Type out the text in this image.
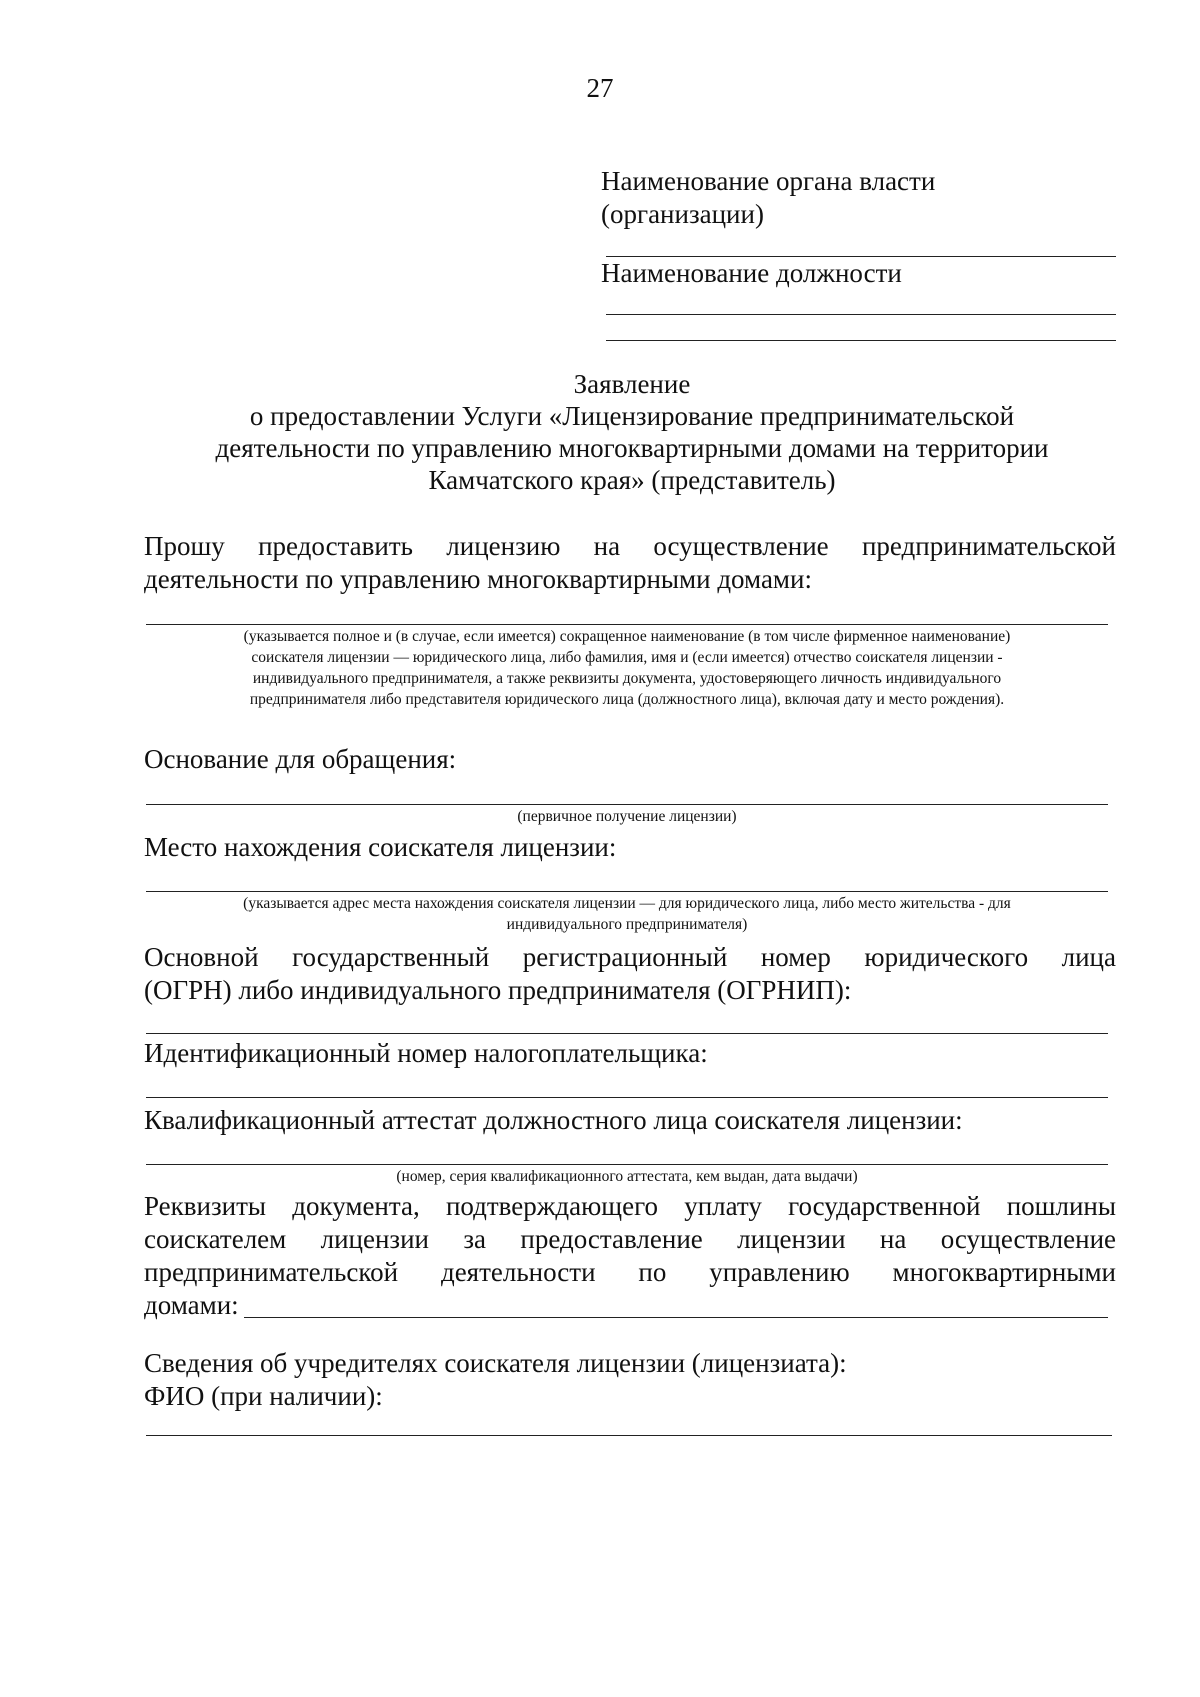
27
Наименование органа власти
(организации)
Наименование должности
Заявление
о предоставлении Услуги «Лицензирование предпринимательской
деятельности по управлению многоквартирными домами на территории
Камчатского края» (представитель)
Прошу предоставить лицензию на осуществление предпринимательской
деятельности по управлению многоквартирными домами:
(указывается полное и (в случае, если имеется) сокращенное наименование (в том числе фирменное наименование)
соискателя лицензии — юридического лица, либо фамилия, имя и (если имеется) отчество соискателя лицензии -
индивидуального предпринимателя, а также реквизиты документа, удостоверяющего личность индивидуального
предпринимателя либо представителя юридического лица (должностного лица), включая дату и место рождения).
Основание для обращения:
(первичное получение лицензии)
Место нахождения соискателя лицензии:
(указывается адрес места нахождения соискателя лицензии — для юридического лица, либо место жительства - для
индивидуального предпринимателя)
Основной государственный регистрационный номер юридического лица
(ОГРН) либо индивидуального предпринимателя (ОГРНИП):
Идентификационный номер налогоплательщика:
Квалификационный аттестат должностного лица соискателя лицензии:
(номер, серия квалификационного аттестата, кем выдан, дата выдачи)
Реквизиты документа, подтверждающего уплату государственной пошлины
соискателем лицензии за предоставление лицензии на осуществление
предпринимательской деятельности по управлению многоквартирными
домами:
Сведения об учредителях соискателя лицензии (лицензиата):
ФИО (при наличии):
